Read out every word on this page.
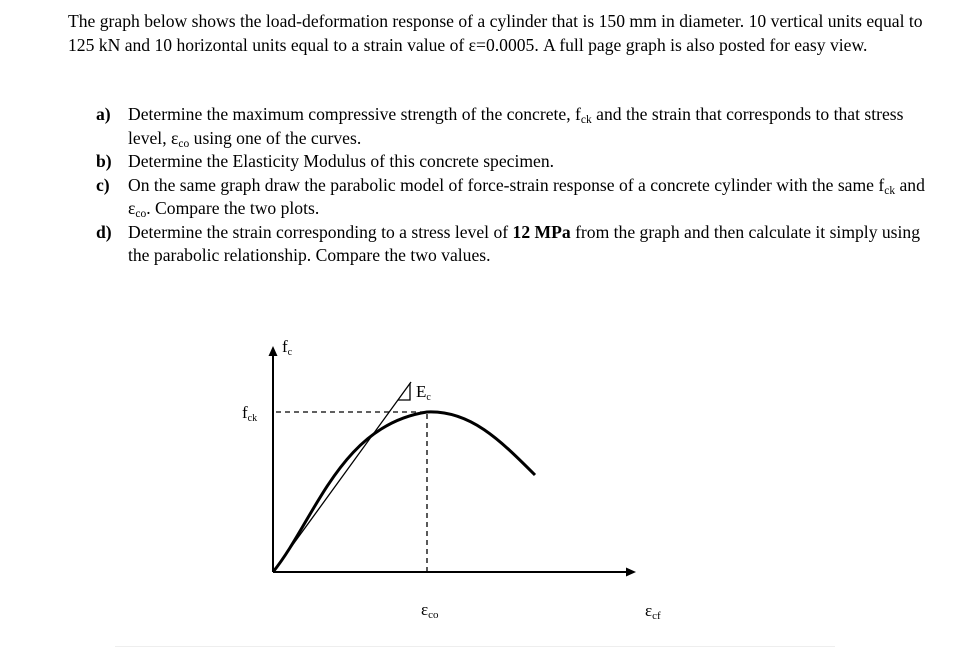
The graph below shows the load-deformation response of a cylinder that is 150 mm in diameter. 10 vertical units equal to 125 kN and 10 horizontal units equal to a strain value of ε=0.0005. A full page graph is also posted for easy view.

a) Determine the maximum compressive strength of the concrete, $f_{ck}$ and the strain that corresponds to that stress level, $\varepsilon_{co}$ using one of the curves.
b) Determine the Elasticity Modulus of this concrete specimen.
c) On the same graph draw the parabolic model of force-strain response of a concrete cylinder with the same $f_{ck}$ and $\varepsilon_{co}$. Compare the two plots.
d) Determine the strain corresponding to a stress level of 12 MPa from the graph and then calculate it simply using the parabolic relationship. Compare the two values.
fc
fck
Ec
εco	εcf
